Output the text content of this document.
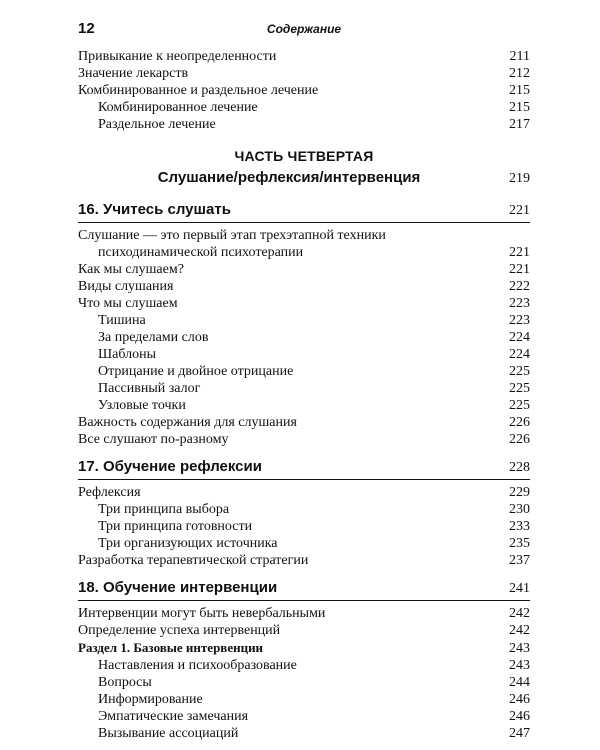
12	Содержание
Привыкание к неопределенности	211
Значение лекарств	212
Комбинированное и раздельное лечение	215
Комбинированное лечение	215
Раздельное лечение	217
ЧАСТЬ ЧЕТВЕРТАЯ
Слушание/рефлексия/интервенция	219
16. Учитесь слушать	221
Слушание — это первый этап трехэтапной техники
психодинамической психотерапии	221
Как мы слушаем?	221
Виды слушания	222
Что мы слушаем	223
Тишина	223
За пределами слов	224
Шаблоны	224
Отрицание и двойное отрицание	225
Пассивный залог	225
Узловые точки	225
Важность содержания для слушания	226
Все слушают по-разному	226
17. Обучение рефлексии	228
Рефлексия	229
Три принципа выбора	230
Три принципа готовности	233
Три организующих источника	235
Разработка терапевтической стратегии	237
18. Обучение интервенции	241
Интервенции могут быть невербальными	242
Определение успеха интервенций	242
Раздел 1. Базовые интервенции	243
Наставления и психообразование	243
Вопросы	244
Информирование	246
Эмпатические замечания	246
Вызывание ассоциаций	247
